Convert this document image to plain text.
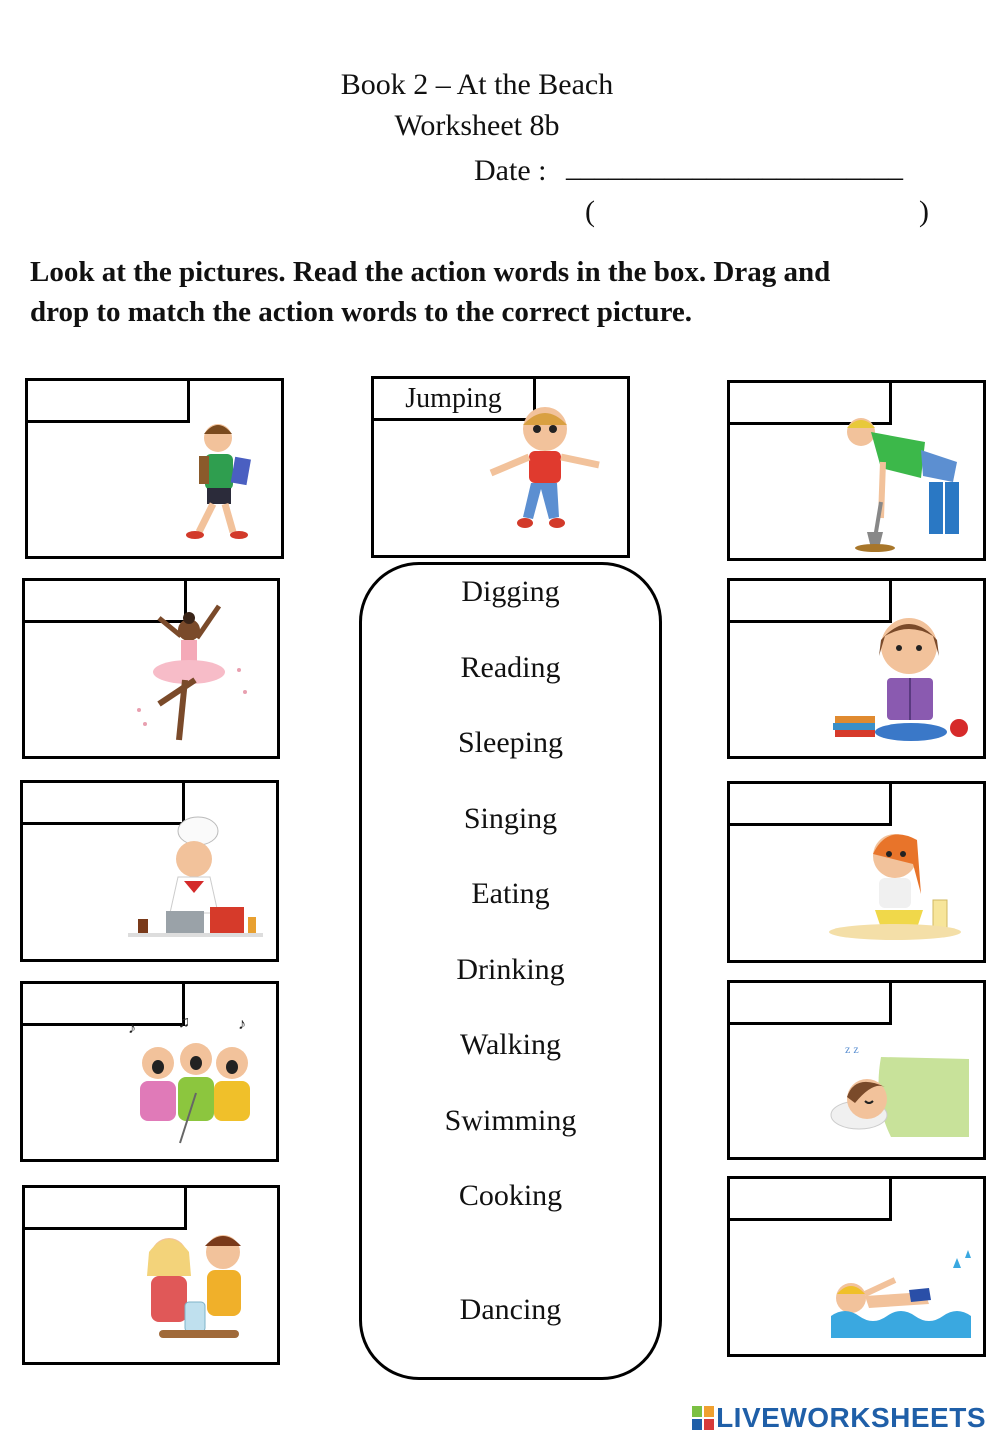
Book 2 – At the Beach
Worksheet 8b
Date : ________________________
(	)
Look at the pictures. Read the action words in the box. Drag and
drop to match the action words to the correct picture.
♪	♫	♪
Jumping
Digging
Reading
Sleeping
Singing
Eating
Drinking
Walking
Swimming
Cooking
Dancing
z z
LIVEWORKSHEETS
